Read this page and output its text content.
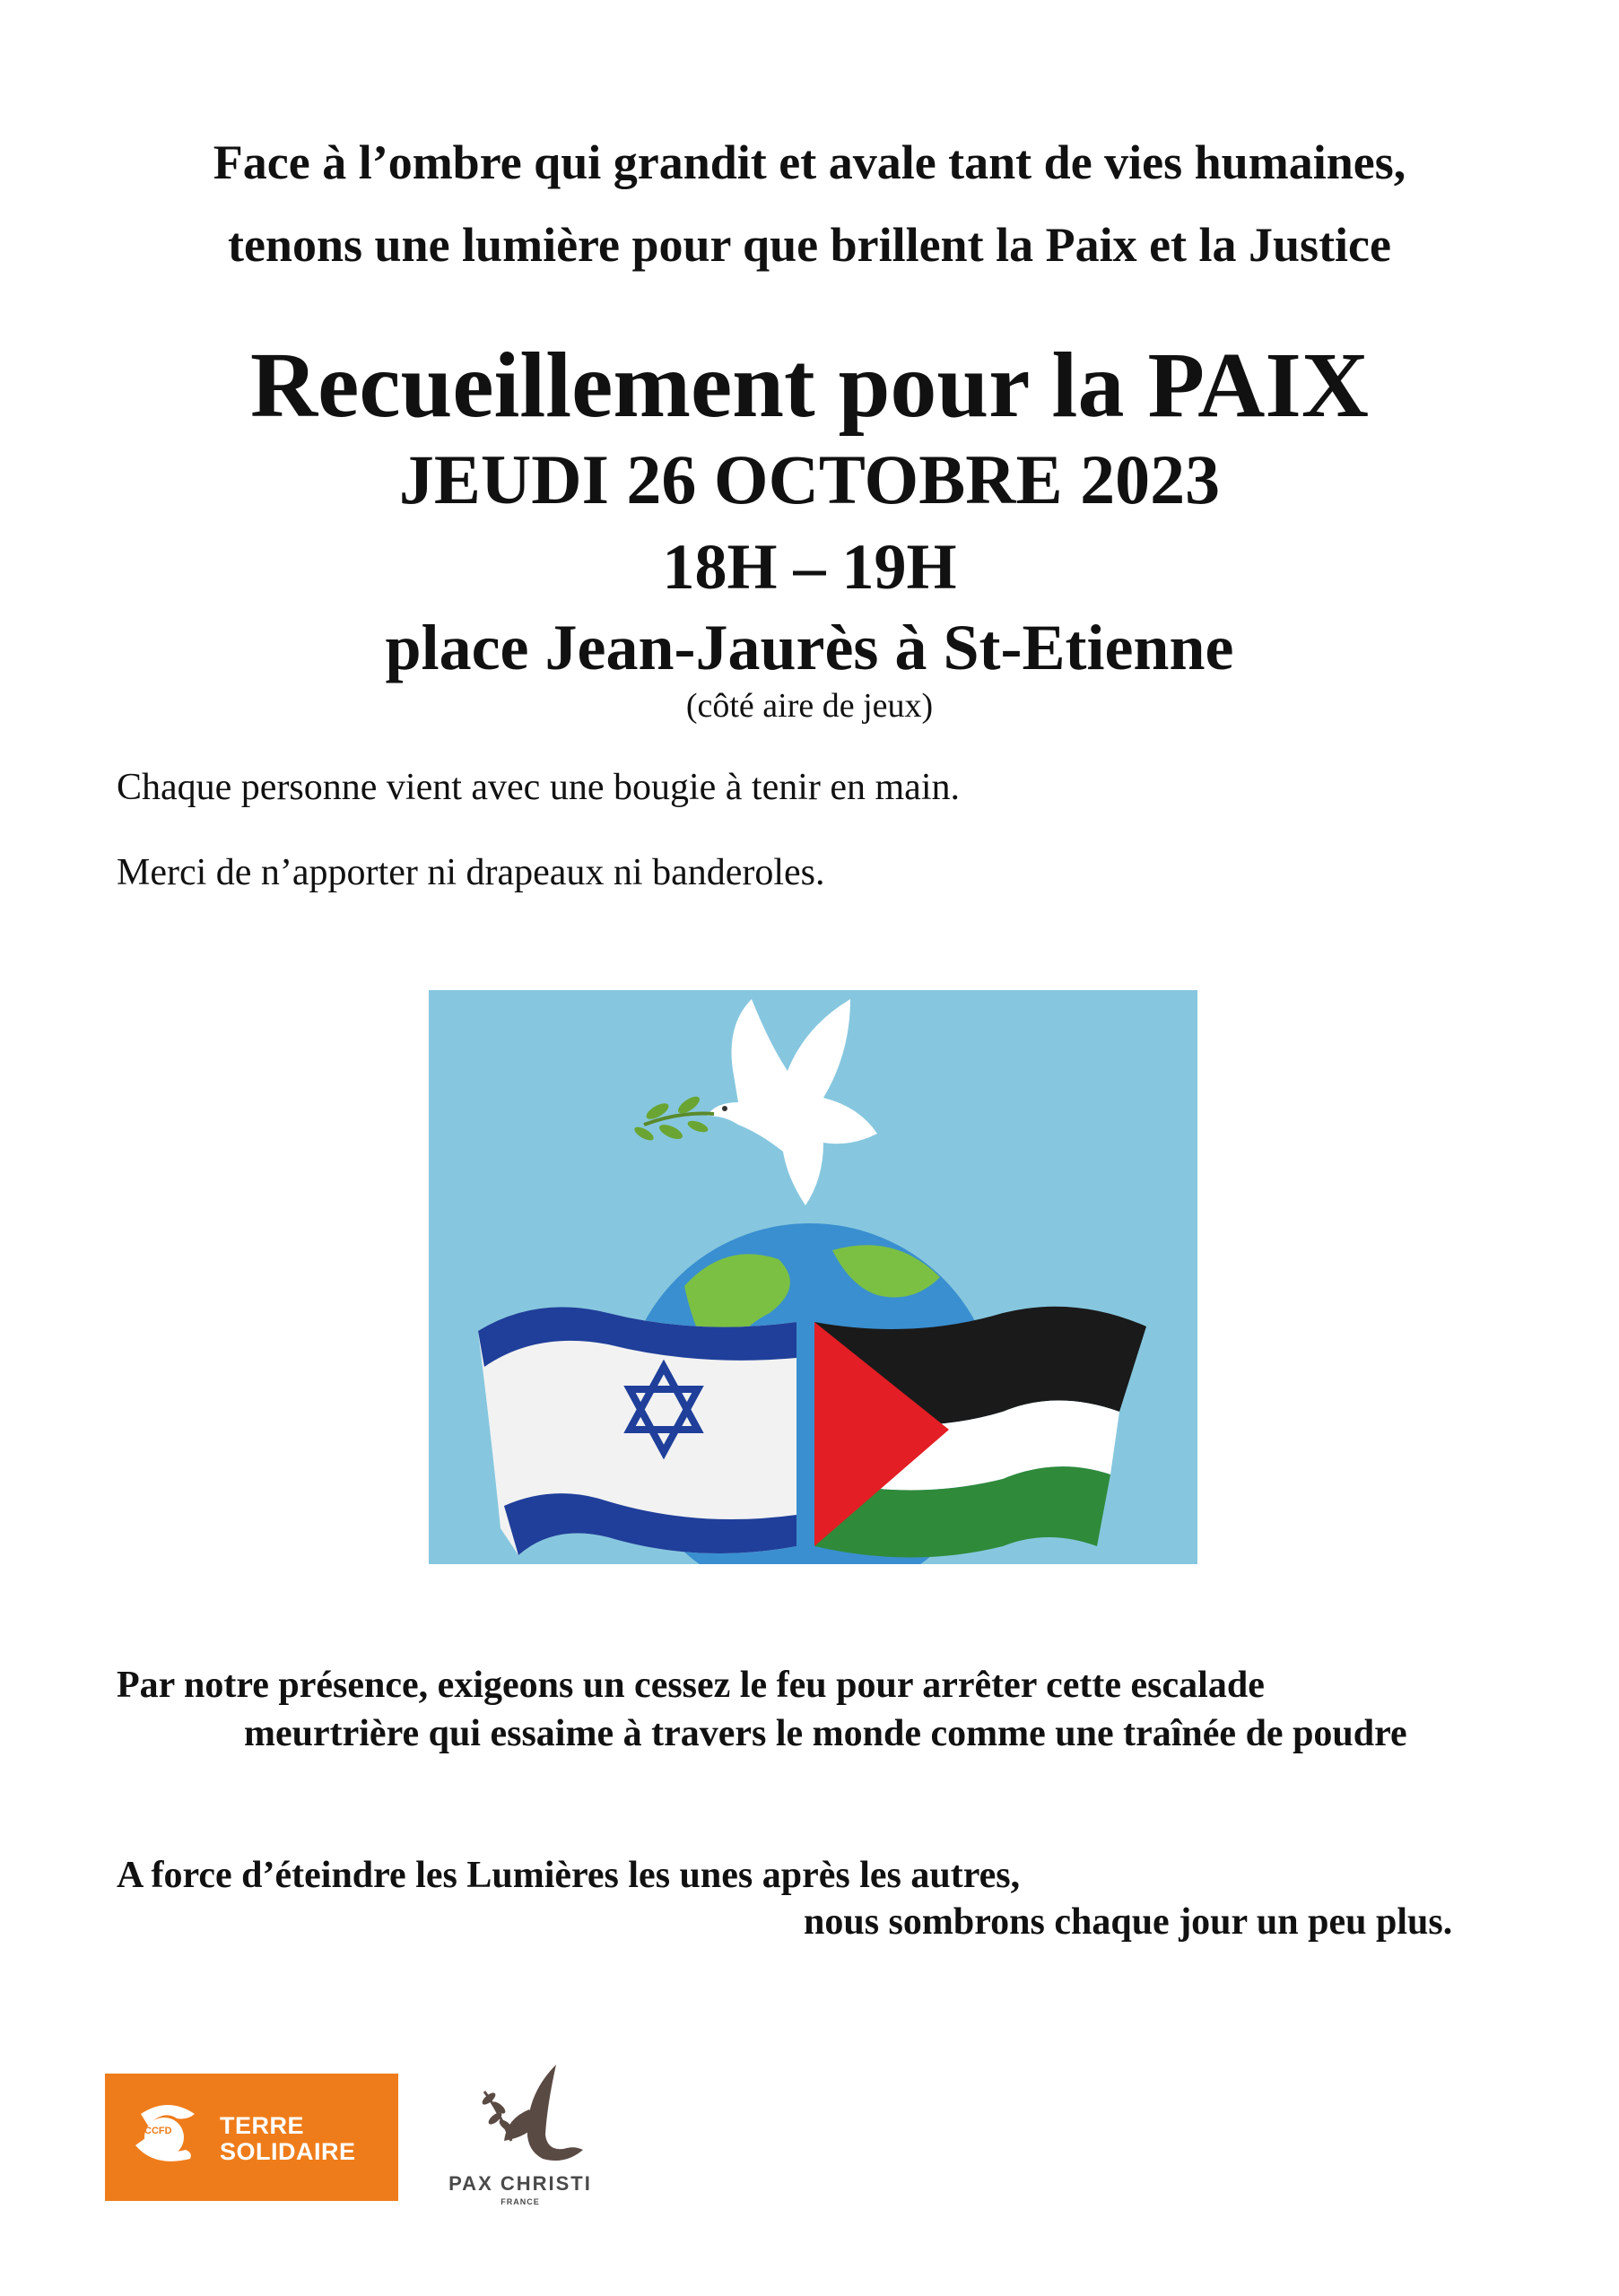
Face à l’ombre qui grandit et avale tant de vies humaines,
tenons une lumière pour que brillent la Paix et la Justice
Recueillement pour la PAIX
JEUDI 26 OCTOBRE 2023
18H – 19H
place Jean-Jaurès à St-Etienne
(côté aire de jeux)
Chaque personne vient avec une bougie à tenir en main.
Merci de n’apporter ni drapeaux ni banderoles.
Par notre présence, exigeons un cessez le feu pour arrêter cette escalade
meurtrière qui essaime à travers le monde comme une traînée de poudre
A force d’éteindre les Lumières les unes après les autres,
nous sombrons chaque jour un peu plus.
CCFD TERRE
SOLIDAIRE
PAX CHRISTI
FRANCE
